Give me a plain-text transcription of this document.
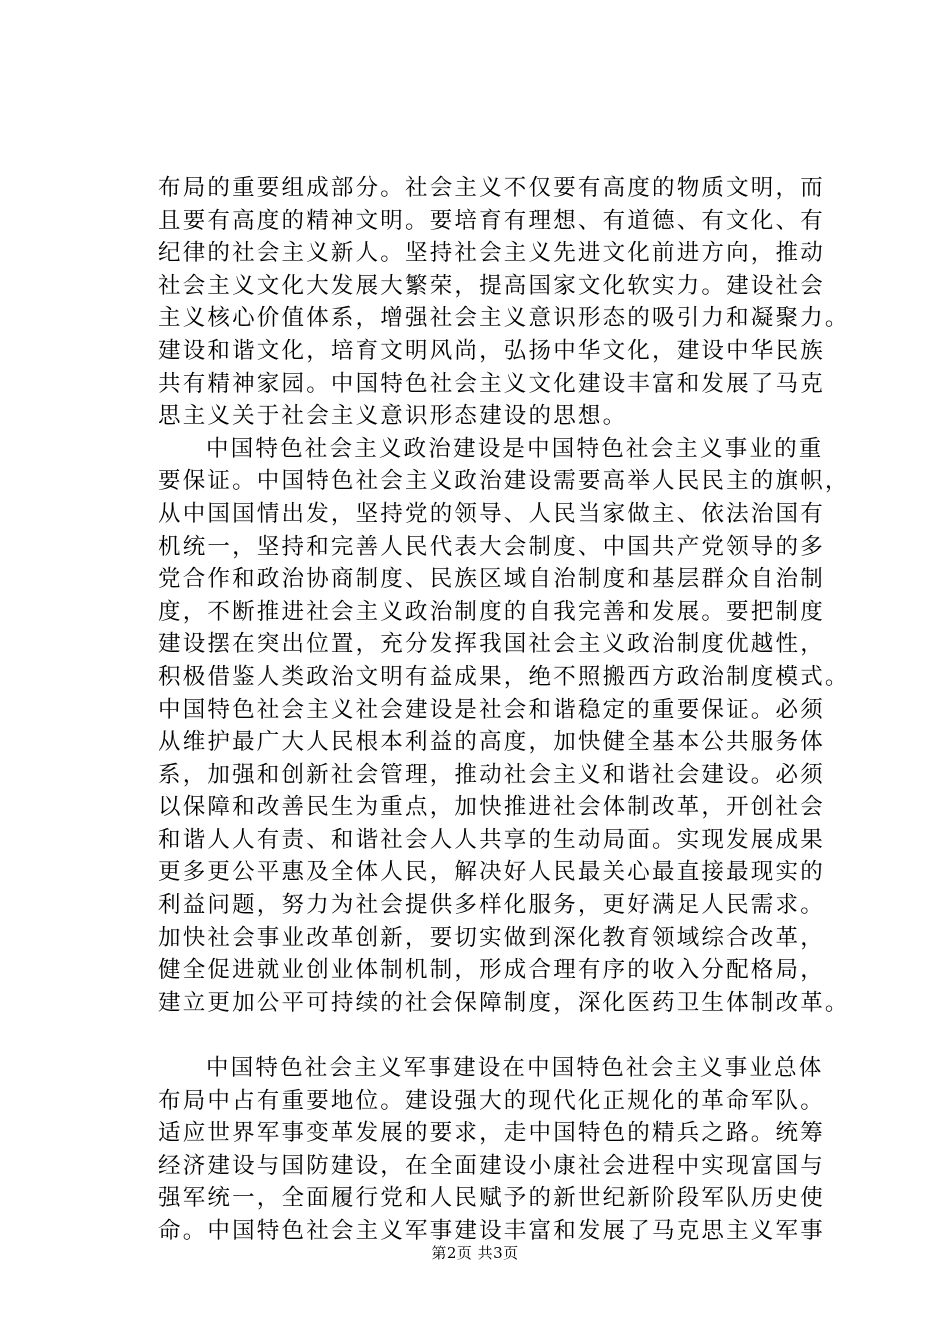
布局的重要组成部分。社会主义不仅要有高度的物质文明，而
且要有高度的精神文明。要培育有理想、有道德、有文化、有
纪律的社会主义新人。坚持社会主义先进文化前进方向，推动
社会主义文化大发展大繁荣，提高国家文化软实力。建设社会
主义核心价值体系，增强社会主义意识形态的吸引力和凝聚力。
建设和谐文化，培育文明风尚，弘扬中华文化，建设中华民族
共有精神家园。中国特色社会主义文化建设丰富和发展了马克
思主义关于社会主义意识形态建设的思想。
中国特色社会主义政治建设是中国特色社会主义事业的重
要保证。中国特色社会主义政治建设需要高举人民民主的旗帜，
从中国国情出发，坚持党的领导、人民当家做主、依法治国有
机统一，坚持和完善人民代表大会制度、中国共产党领导的多
党合作和政治协商制度、民族区域自治制度和基层群众自治制
度，不断推进社会主义政治制度的自我完善和发展。要把制度
建设摆在突出位置，充分发挥我国社会主义政治制度优越性，
积极借鉴人类政治文明有益成果，绝不照搬西方政治制度模式。
中国特色社会主义社会建设是社会和谐稳定的重要保证。必须
从维护最广大人民根本利益的高度，加快健全基本公共服务体
系，加强和创新社会管理，推动社会主义和谐社会建设。必须
以保障和改善民生为重点，加快推进社会体制改革，开创社会
和谐人人有责、和谐社会人人共享的生动局面。实现发展成果
更多更公平惠及全体人民，解决好人民最关心最直接最现实的
利益问题，努力为社会提供多样化服务，更好满足人民需求。
加快社会事业改革创新，要切实做到深化教育领域综合改革，
健全促进就业创业体制机制，形成合理有序的收入分配格局，
建立更加公平可持续的社会保障制度，深化医药卫生体制改革。
中国特色社会主义军事建设在中国特色社会主义事业总体
布局中占有重要地位。建设强大的现代化正规化的革命军队。
适应世界军事变革发展的要求，走中国特色的精兵之路。统筹
经济建设与国防建设，在全面建设小康社会进程中实现富国与
强军统一，全面履行党和人民赋予的新世纪新阶段军队历史使
命。中国特色社会主义军事建设丰富和发展了马克思主义军事
第2页 共3页
